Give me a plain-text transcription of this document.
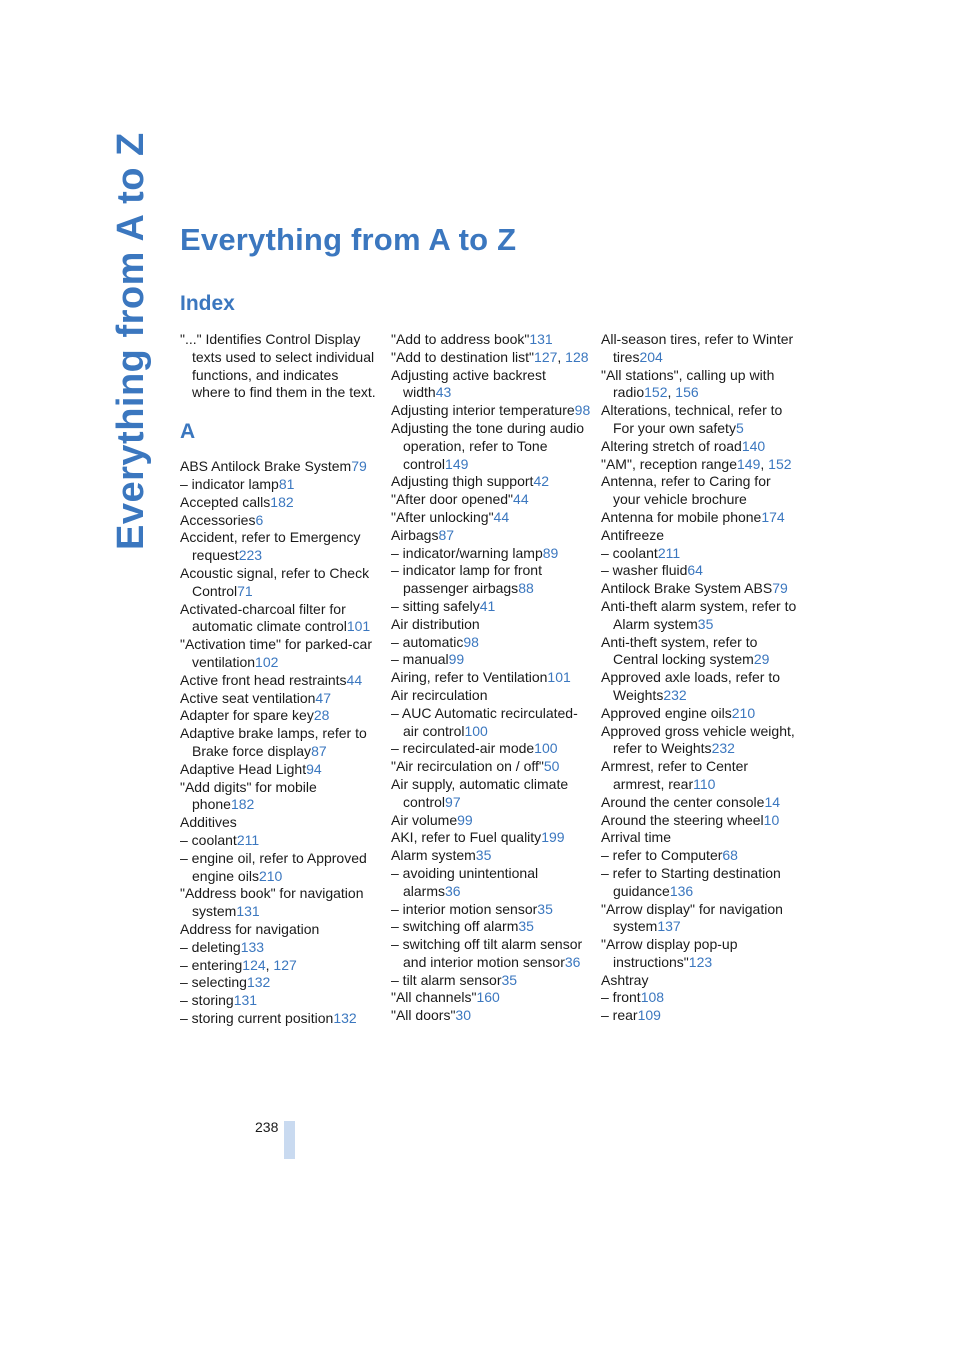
Everything from A to Z Everything from A to Z
Index
"..." Identifies Control Display texts used to select individual functions, and indicates where to find them in the text.
A
ABS Antilock Brake System79
– indicator lamp81
Accepted calls182
Accessories6
Accident, refer to Emergency request223
Acoustic signal, refer to Check Control71
Activated-charcoal filter for automatic climate control101
"Activation time" for parked-car ventilation102
Active front head restraints44
Active seat ventilation47
Adapter for spare key28
Adaptive brake lamps, refer to Brake force display87
Adaptive Head Light94
"Add digits" for mobile phone182
Additives
– coolant211
– engine oil, refer to Approved engine oils210
"Address book" for navigation system131
Address for navigation
– deleting133
– entering124, 127
– selecting132
– storing131
– storing current position132
"Add to address book"131
"Add to destination list"127, 128
Adjusting active backrest width43
Adjusting interior temperature98
Adjusting the tone during audio operation, refer to Tone control149
Adjusting thigh support42
"After door opened"44
"After unlocking"44
Airbags87
– indicator/warning lamp89
– indicator lamp for front passenger airbags88
– sitting safely41
Air distribution
– automatic98
– manual99
Airing, refer to Ventilation101
Air recirculation
– AUC Automatic recirculated-air control100
– recirculated-air mode100
"Air recirculation on / off"50
Air supply, automatic climate control97
Air volume99
AKI, refer to Fuel quality199
Alarm system35
– avoiding unintentional alarms36
– interior motion sensor35
– switching off alarm35
– switching off tilt alarm sensor and interior motion sensor36
– tilt alarm sensor35
"All channels"160
"All doors"30
All-season tires, refer to Winter tires204
"All stations", calling up with radio152, 156
Alterations, technical, refer to For your own safety5
Altering stretch of road140
"AM", reception range149, 152
Antenna, refer to Caring for your vehicle brochure
Antenna for mobile phone174
Antifreeze
– coolant211
– washer fluid64
Antilock Brake System ABS79
Anti-theft alarm system, refer to Alarm system35
Anti-theft system, refer to Central locking system29
Approved axle loads, refer to Weights232
Approved engine oils210
Approved gross vehicle weight, refer to Weights232
Armrest, refer to Center armrest, rear110
Around the center console14
Around the steering wheel10
Arrival time
– refer to Computer68
– refer to Starting destination guidance136
"Arrow display" for navigation system137
"Arrow display pop-up instructions"123
Ashtray
– front108
– rear109
238
